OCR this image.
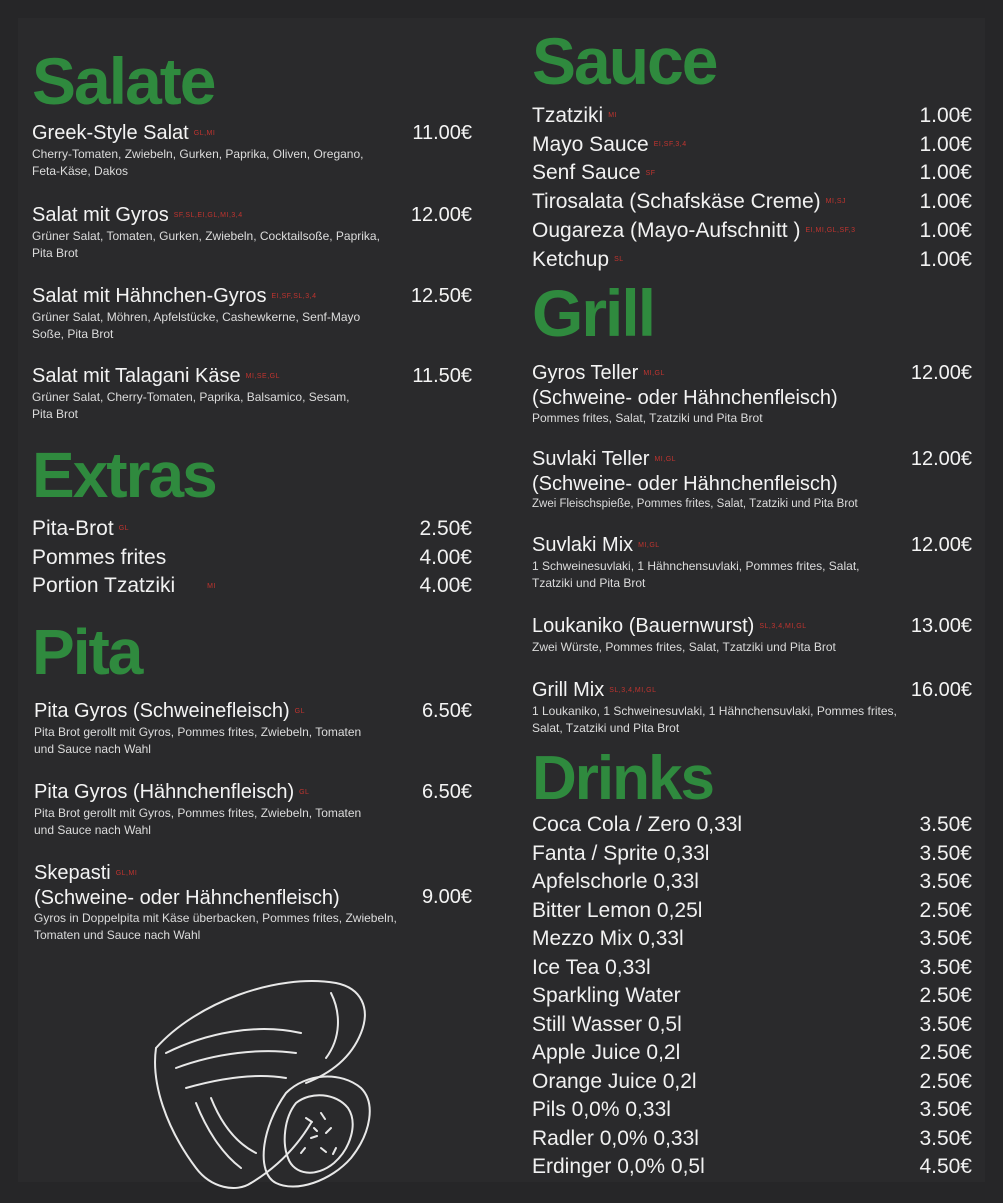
Salate
Greek-Style Salat GL,MI	11.00€
Cherry-Tomaten, Zwiebeln, Gurken, Paprika, Oliven, Oregano, Feta-Käse, Dakos
Salat mit Gyros SF,SL,EI,GL,MI,3,4	12.00€
Grüner Salat, Tomaten, Gurken, Zwiebeln, Cocktailsoße, Paprika, Pita Brot
Salat mit Hähnchen-Gyros EI,SF,SL,3,4	12.50€
Grüner Salat, Möhren, Apfelstücke, Cashewkerne, Senf-Mayo Soße, Pita Brot
Salat mit Talagani Käse MI,SE,GL	11.50€
Grüner Salat, Cherry-Tomaten, Paprika, Balsamico, Sesam, Pita Brot
Extras
Pita-Brot GL	2.50€
Pommes frites	4.00€
Portion Tzatziki	MI	4.00€
Pita
Pita Gyros (Schweinefleisch) GL	6.50€
Pita Brot gerollt mit Gyros, Pommes frites, Zwiebeln, Tomaten und Sauce nach Wahl
Pita Gyros (Hähnchenfleisch) GL	6.50€
Pita Brot gerollt mit Gyros, Pommes frites, Zwiebeln, Tomaten und Sauce nach Wahl
Skepasti GL,MI
(Schweine- oder Hähnchenfleisch)	9.00€
Gyros in Doppelpita mit Käse überbacken, Pommes frites, Zwiebeln, Tomaten und Sauce nach Wahl
Sauce
Tzatziki MI	1.00€
Mayo Sauce EI,SF,3,4	1.00€
Senf Sauce SF	1.00€
Tirosalata (Schafskäse Creme) MI,SJ	1.00€
Ougareza (Mayo-Aufschnitt ) EI,MI,GL,SF,3	1.00€
Ketchup SL	1.00€
Grill
Gyros Teller MI,GL
(Schweine- oder Hähnchenfleisch)
12.00€
Pommes frites, Salat, Tzatziki und Pita Brot
Suvlaki Teller MI,GL
(Schweine- oder Hähnchenfleisch)
12.00€
Zwei Fleischspieße, Pommes frites, Salat, Tzatziki und Pita Brot
Suvlaki Mix MI,GL	12.00€
1 Schweinesuvlaki, 1 Hähnchensuvlaki, Pommes frites, Salat, Tzatziki und Pita Brot
Loukaniko (Bauernwurst) SL,3,4,MI,GL	13.00€
Zwei Würste, Pommes frites, Salat, Tzatziki und Pita Brot
Grill Mix SL,3,4,MI,GL	16.00€
1 Loukaniko, 1 Schweinesuvlaki, 1 Hähnchensuvlaki, Pommes frites, Salat, Tzatziki und Pita Brot
Drinks
Coca Cola / Zero 0,33l	3.50€
Fanta / Sprite 0,33l	3.50€
Apfelschorle 0,33l	3.50€
Bitter Lemon 0,25l	2.50€
Mezzo Mix 0,33l	3.50€
Ice Tea 0,33l	3.50€
Sparkling Water	2.50€
Still Wasser 0,5l	3.50€
Apple Juice 0,2l	2.50€
Orange Juice 0,2l	2.50€
Pils 0,0% 0,33l	3.50€
Radler 0,0% 0,33l	3.50€
Erdinger 0,0% 0,5l	4.50€
